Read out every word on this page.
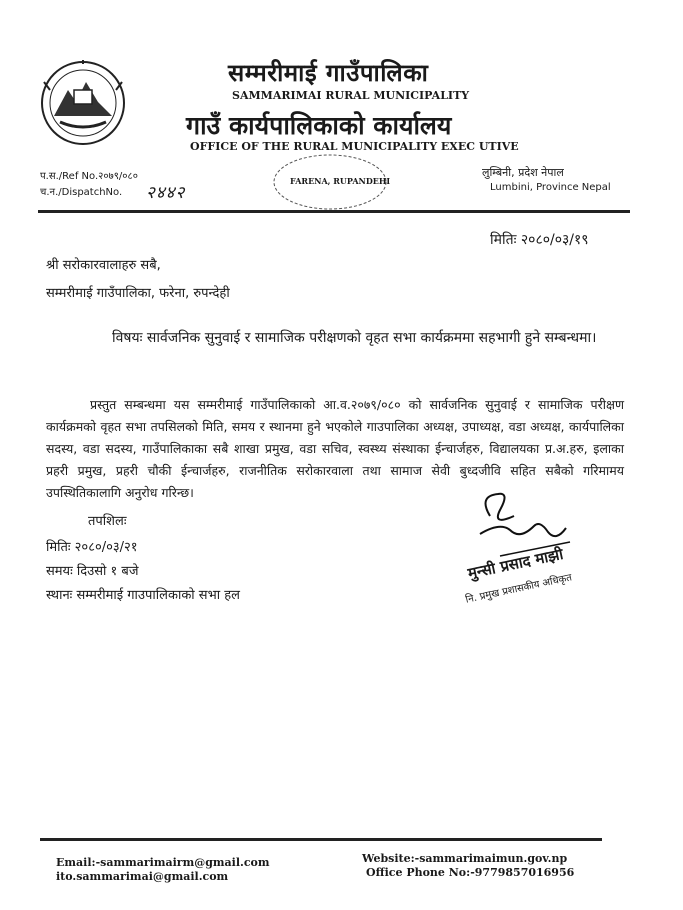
सम्मरीमाई गाउँपालिका
SAMMARIMAI RURAL MUNICIPALITY
गाउँ कार्यपालिकाको कार्यालय
OFFICE OF THE RURAL MUNICIPALITY EXEC UTIVE
प.स./Ref No.२०७९/०८०
च.न./DispatchNo. २४४२
FARENA, RUPANDEHI
लुम्बिनी, प्रदेश नेपाल
Lumbini, Province Nepal
मितिः २०८०/०३/१९
श्री सरोकारवालाहरु सबै,
सम्मरीमाई गाउँपालिका, फरेना, रुपन्देही
विषयः सार्वजनिक सुनुवाई र सामाजिक परीक्षणको वृहत सभा कार्यक्रममा सहभागी हुने सम्बन्धमा।
प्रस्तुत सम्बन्धमा यस सम्मरीमाई गाउँपालिकाको आ.व.२०७९/०८० को सार्वजनिक सुनुवाई र सामाजिक परीक्षण कार्यक्रमको वृहत सभा तपसिलको मिति, समय र स्थानमा हुने भएकोले गाउपालिका अध्यक्ष, उपाध्यक्ष, वडा अध्यक्ष, कार्यपालिका सदस्य, वडा सदस्य, गाउँपालिकाका सबै शाखा प्रमुख, वडा सचिव, स्वस्थ्य संस्थाका ईन्चार्जहरु, विद्यालयका प्र.अ.हरु, इलाका प्रहरी प्रमुख, प्रहरी चौकी ईन्चार्जहरु, राजनीतिक सरोकारवाला तथा सामाज सेवी बुध्दजीवि सहित सबैको गरिमामय उपस्थितिकालागि अनुरोध गरिन्छ।
तपशिलः
मितिः २०८०/०३/२१
समयः दिउसो १ बजे
स्थानः सम्मरीमाई गाउपालिकाको सभा हल
मुन्सी प्रसाद माझी
नि. प्रमुख प्रशासकीय अधिकृत
Email:-sammarimairm@gmail.com
ito.sammarimai@gmail.com
Website:-sammarimaimun.gov.np
Office Phone No:-9779857016956
